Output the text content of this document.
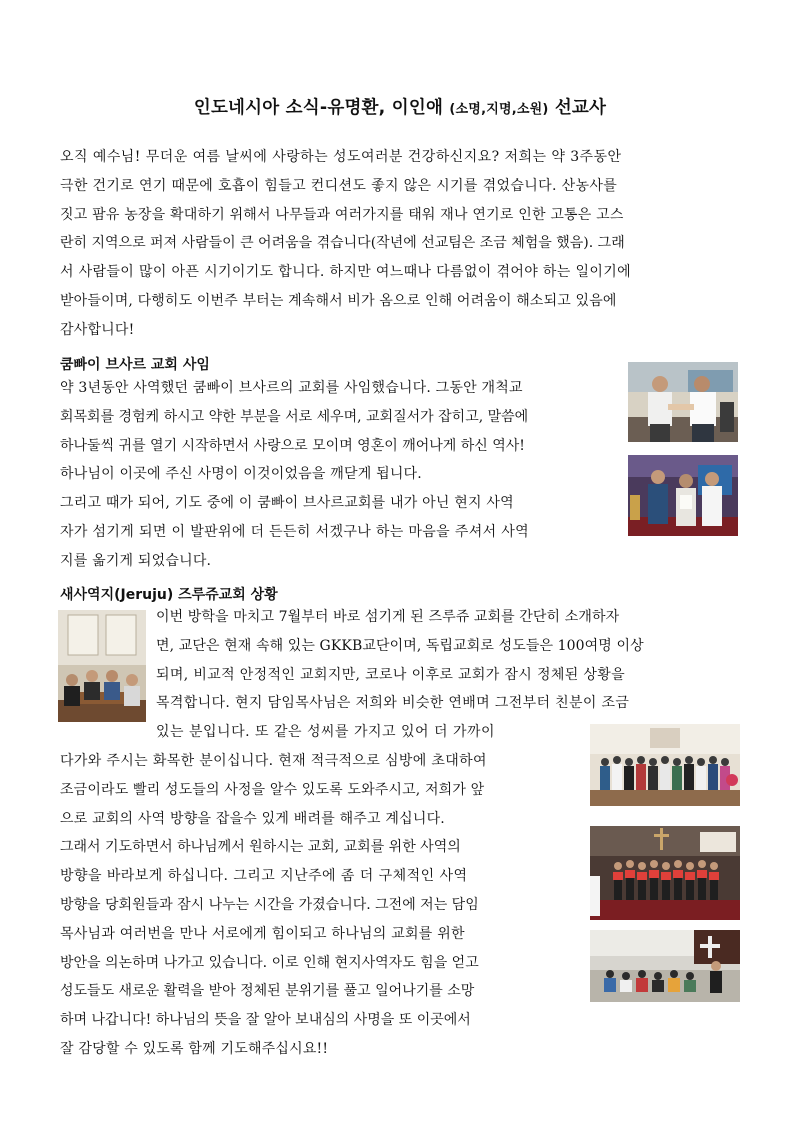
인도네시아 소식-유명환, 이인애 (소명,지명,소원) 선교사
오직 예수님! 무더운 여름 날씨에 사랑하는 성도여러분 건강하신지요? 저희는 약 3주동안
극한 건기로 연기 때문에 호흡이 힘들고 컨디션도 좋지 않은 시기를 겪었습니다. 산농사를
짓고 팜유 농장을 확대하기 위해서 나무들과 여러가지를 태워 재나 연기로 인한 고통은 고스
란히 지역으로 퍼져 사람들이 큰 어려움을 겪습니다(작년에 선교팀은 조금 체험을 했음). 그래
서 사람들이 많이 아픈 시기이기도 합니다. 하지만 여느때나 다름없이 겪어야 하는 일이기에
받아들이며, 다행히도 이번주 부터는 계속해서 비가 옴으로 인해 어려움이 해소되고 있음에
감사합니다!
쿰빠이 브사르 교회 사임
약 3년동안 사역했던 쿰빠이 브사르의 교회를 사임했습니다. 그동안 개척교
회목회를 경험케 하시고 약한 부분을 서로 세우며, 교회질서가 잡히고, 말씀에
하나둘씩 귀를 열기 시작하면서 사랑으로 모이며 영혼이 깨어나게 하신 역사!
하나님이 이곳에 주신 사명이 이것이었음을 깨닫게 됩니다.
그리고 때가 되어, 기도 중에 이 쿰빠이 브사르교회를 내가 아닌 현지 사역
자가 섬기게 되면 이 발판위에 더 든든히 서겠구나 하는 마음을 주셔서 사역
지를 옮기게 되었습니다.
새사역지(Jeruju) 즈루쥬교회 상황
이번 방학을 마치고 7월부터 바로 섬기게 된 즈루쥬 교회를 간단히 소개하자
면, 교단은 현재 속해 있는 GKKB교단이며, 독립교회로 성도들은 100여명 이상
되며, 비교적 안정적인 교회지만, 코로나 이후로 교회가 잠시 정체된 상황을
목격합니다. 현지 담임목사님은 저희와 비슷한 연배며 그전부터 친분이 조금
있는 분입니다. 또 같은 성씨를 가지고 있어 더 가까이
다가와 주시는 화목한 분이십니다. 현재 적극적으로 심방에 초대하여
조금이라도 빨리 성도들의 사정을 알수 있도록 도와주시고, 저희가 앞
으로 교회의 사역 방향을 잡을수 있게 배려를 해주고 계십니다.
그래서 기도하면서 하나님께서 원하시는 교회, 교회를 위한 사역의
방향을 바라보게 하십니다. 그리고 지난주에 좀 더 구체적인 사역
방향을 당회원들과 잠시 나누는 시간을 가졌습니다. 그전에 저는 담임
목사님과 여러번을 만나 서로에게 힘이되고 하나님의 교회를 위한
방안을 의논하며 나가고 있습니다. 이로 인해 현지사역자도 힘을 얻고
성도들도 새로운 활력을 받아 정체된 분위기를 풀고 일어나기를 소망
하며 나갑니다! 하나님의 뜻을 잘 알아 보내심의 사명을 또 이곳에서
잘 감당할 수 있도록 함께 기도해주십시요!!
